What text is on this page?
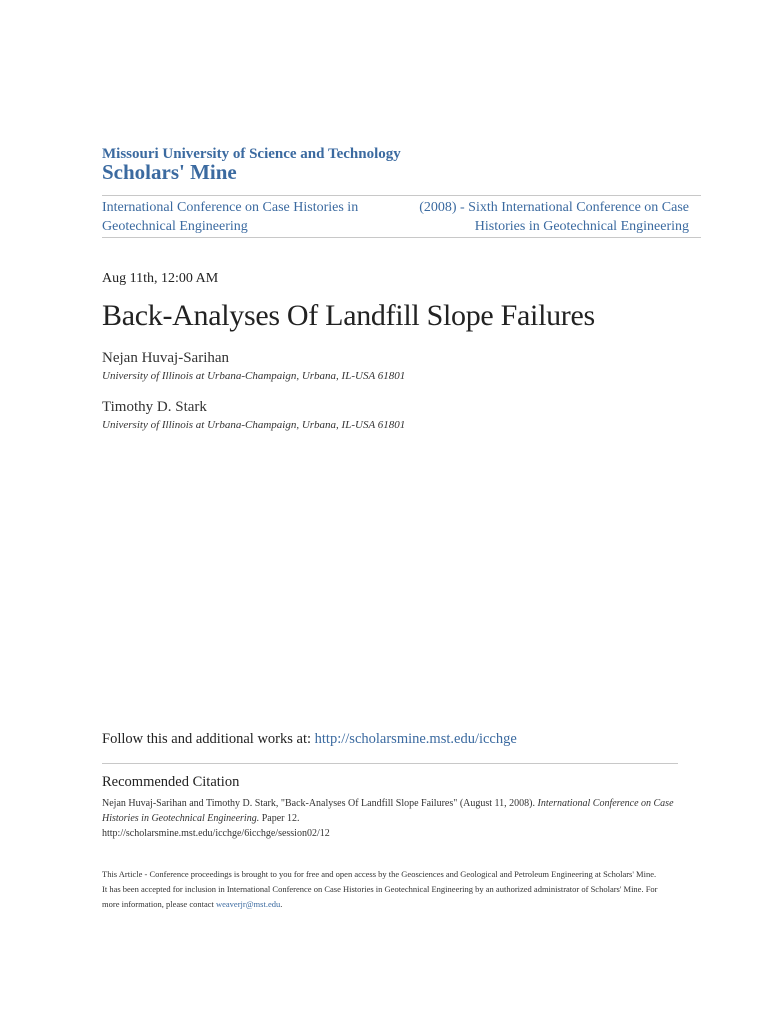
Missouri University of Science and Technology
Scholars' Mine
International Conference on Case Histories in Geotechnical Engineering
(2008) - Sixth International Conference on Case Histories in Geotechnical Engineering
Aug 11th, 12:00 AM
Back-Analyses Of Landfill Slope Failures
Nejan Huvaj-Sarihan
University of Illinois at Urbana-Champaign, Urbana, IL-USA 61801
Timothy D. Stark
University of Illinois at Urbana-Champaign, Urbana, IL-USA 61801
Follow this and additional works at: http://scholarsmine.mst.edu/icchge
Recommended Citation
Nejan Huvaj-Sarihan and Timothy D. Stark, "Back-Analyses Of Landfill Slope Failures" (August 11, 2008). International Conference on Case Histories in Geotechnical Engineering. Paper 12.
http://scholarsmine.mst.edu/icchge/6icchge/session02/12
This Article - Conference proceedings is brought to you for free and open access by the Geosciences and Geological and Petroleum Engineering at Scholars' Mine. It has been accepted for inclusion in International Conference on Case Histories in Geotechnical Engineering by an authorized administrator of Scholars' Mine. For more information, please contact weaverjr@mst.edu.
